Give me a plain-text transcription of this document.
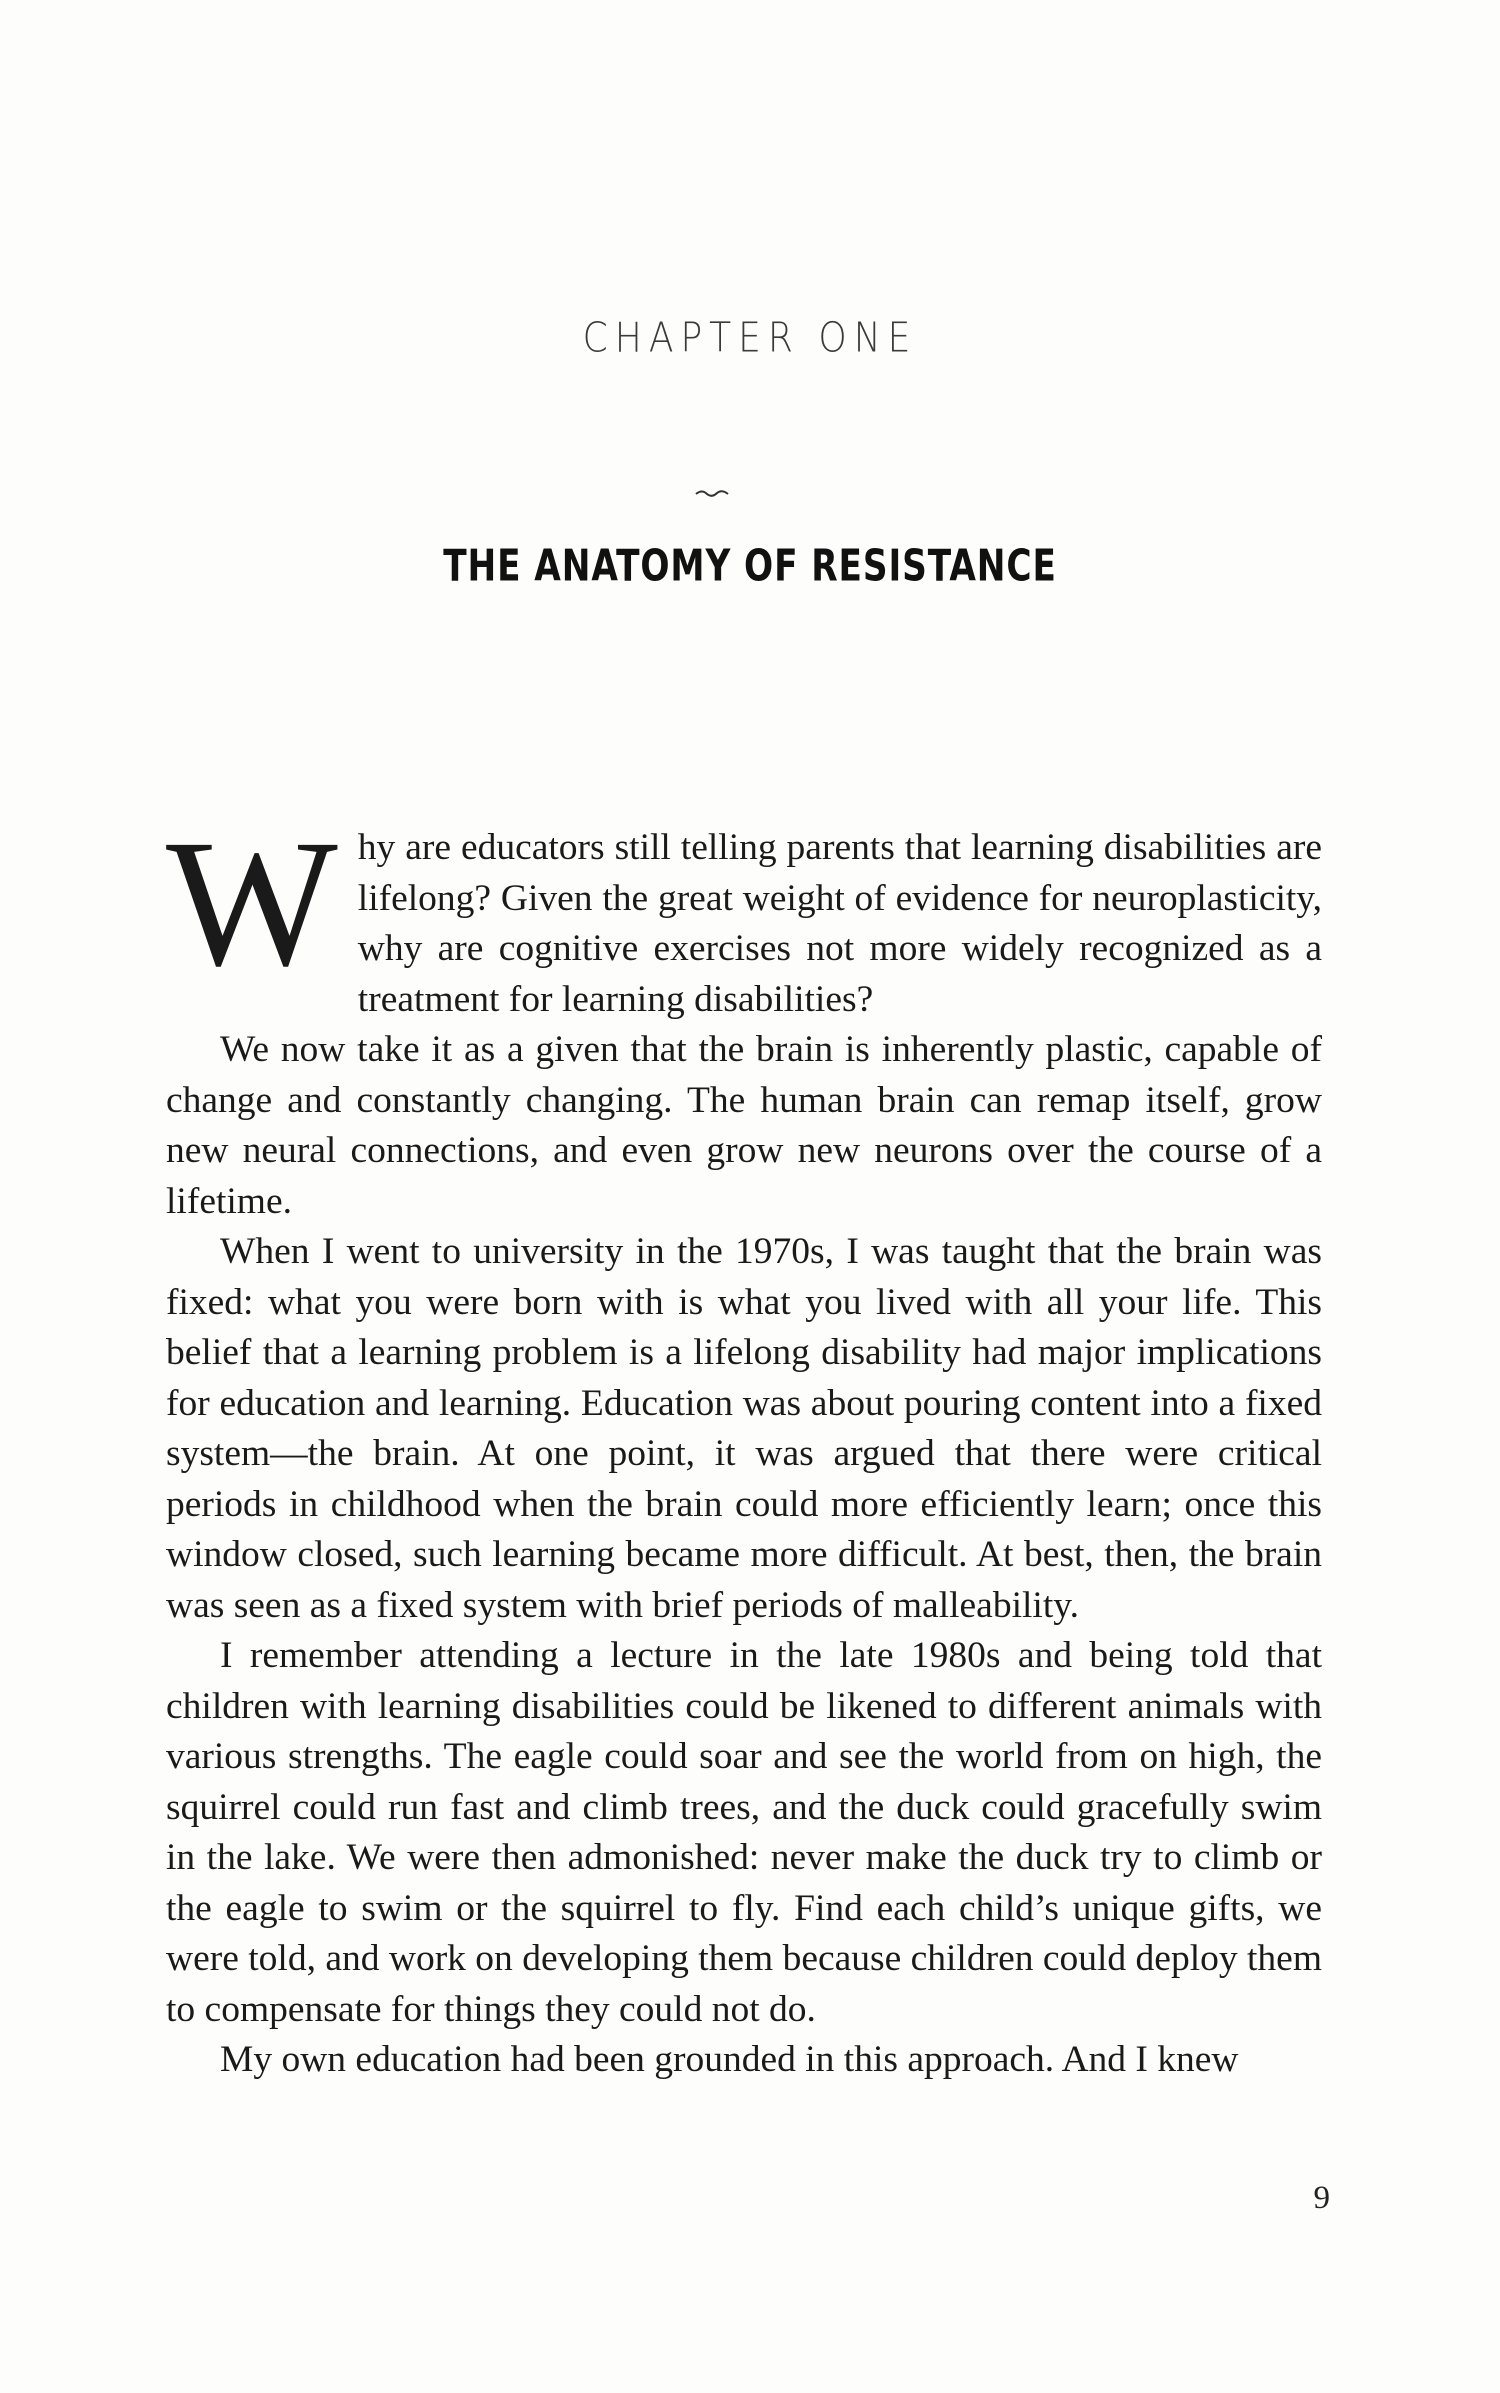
CHAPTER ONE
THE ANATOMY OF RESISTANCE

Why are educators still telling parents that learning disabilities are lifelong? Given the great weight of evidence for neuroplasticity, why are cognitive exercises not more widely recognized as a treatment for learning disabilities?

We now take it as a given that the brain is inherently plastic, capable of change and constantly changing. The human brain can remap itself, grow new neural connections, and even grow new neurons over the course of a lifetime.

When I went to university in the 1970s, I was taught that the brain was fixed: what you were born with is what you lived with all your life. This belief that a learning problem is a lifelong disability had major implications for education and learning. Education was about pouring content into a fixed system—the brain. At one point, it was argued that there were critical periods in childhood when the brain could more efficiently learn; once this window closed, such learning became more difficult. At best, then, the brain was seen as a fixed system with brief periods of malleability.

I remember attending a lecture in the late 1980s and being told that children with learning disabilities could be likened to different animals with various strengths. The eagle could soar and see the world from on high, the squirrel could run fast and climb trees, and the duck could gracefully swim in the lake. We were then admonished: never make the duck try to climb or the eagle to swim or the squirrel to fly. Find each child’s unique gifts, we were told, and work on developing them because children could deploy them to compensate for things they could not do.

My own education had been grounded in this approach. And I knew

9
